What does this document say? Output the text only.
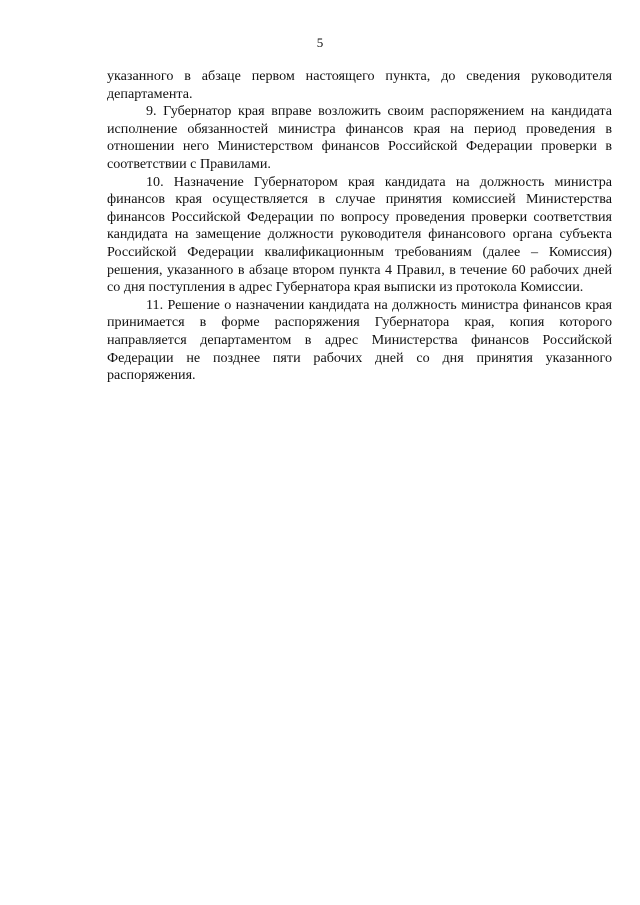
5

указанного в абзаце первом настоящего пункта, до сведения руководителя департамента.

9. Губернатор края вправе возложить своим распоряжением на кандидата исполнение обязанностей министра финансов края на период проведения в отношении него Министерством финансов Российской Федерации проверки в соответствии с Правилами.

10. Назначение Губернатором края кандидата на должность министра финансов края осуществляется в случае принятия комиссией Министерства финансов Российской Федерации по вопросу проведения проверки соответствия кандидата на замещение должности руководителя финансового органа субъекта Российской Федерации квалификационным требованиям (далее – Комиссия) решения, указанного в абзаце втором пункта 4 Правил, в течение 60 рабочих дней со дня поступления в адрес Губернатора края выписки из протокола Комиссии.

11. Решение о назначении кандидата на должность министра финансов края принимается в форме распоряжения Губернатора края, копия которого направляется департаментом в адрес Министерства финансов Российской Федерации не позднее пяти рабочих дней со дня принятия указанного распоряжения.
